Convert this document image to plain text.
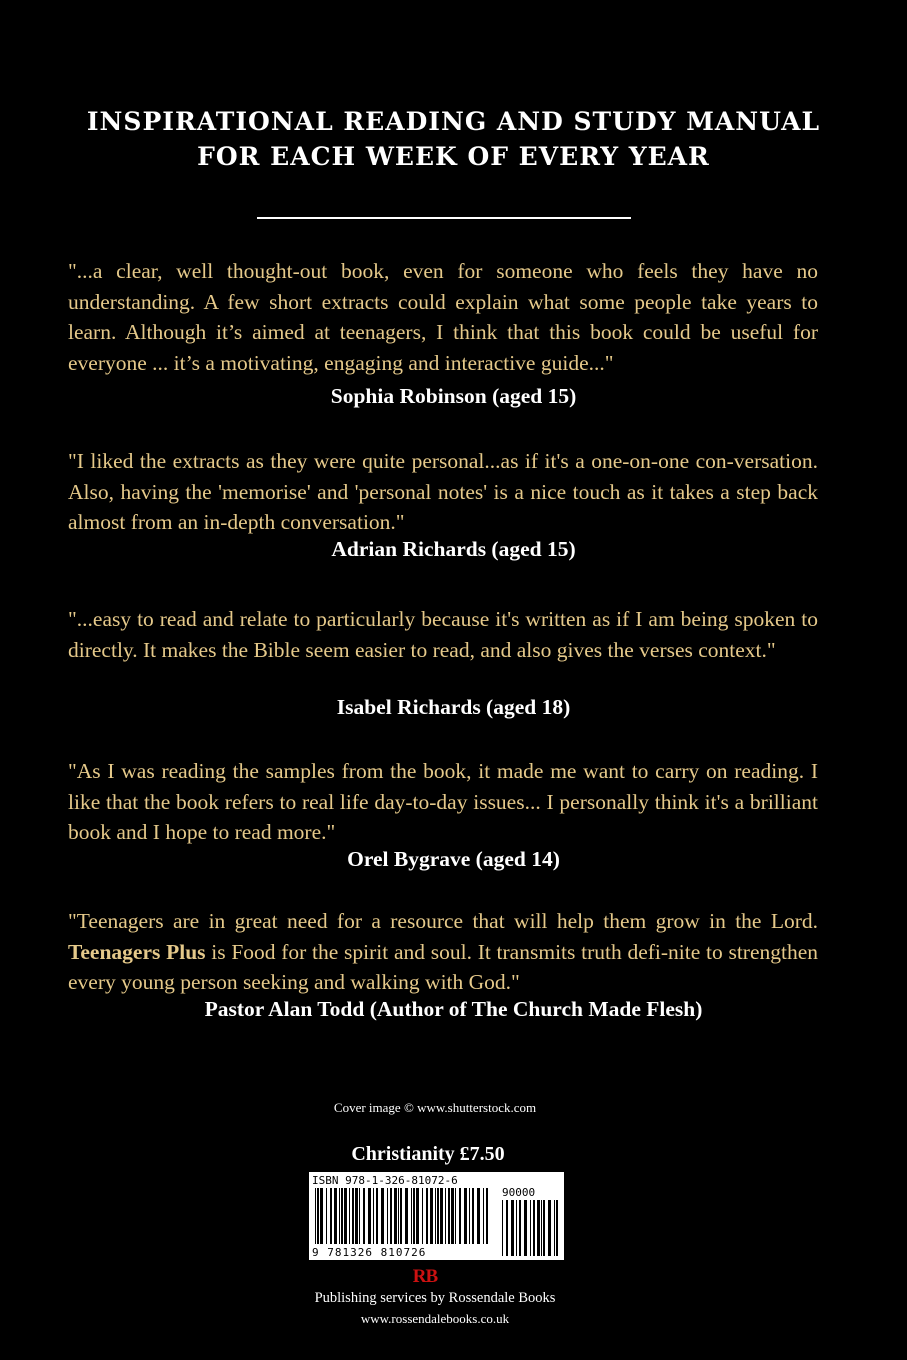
INSPIRATIONAL READING AND STUDY MANUAL
FOR EACH WEEK OF EVERY YEAR
"...a clear, well thought-out book, even for someone who feels they have no understanding. A few short extracts could explain what some people take years to learn. Although it’s aimed at teenagers, I think that this book could be useful for everyone ... it’s a motivating, engaging and interactive guide..."
Sophia Robinson (aged 15)
"I liked the extracts as they were quite personal...as if it's a one-on-one con-versation. Also, having the 'memorise' and 'personal notes' is a nice touch as it takes a step back almost from an in-depth conversation."
Adrian Richards (aged 15)
"...easy to read and relate to particularly because it's written as if I am being spoken to directly. It makes the Bible seem easier to read, and also gives the verses context."
Isabel Richards (aged 18)
"As I was reading the samples from the book, it made me want to carry on reading. I like that the book refers to real life day-to-day issues... I personally think it's a brilliant book and I hope to read more."
Orel Bygrave (aged 14)
"Teenagers are in great need for a resource that will help them grow in the Lord. Teenagers Plus is Food for the spirit and soul. It transmits truth defi-nite to strengthen every young person seeking and walking with God."
Pastor Alan Todd (Author of The Church Made Flesh)
Cover image © www.shutterstock.com
Christianity £7.50
ISBN 978-1-326-81072-6
90000
9 781326 810726
RB
Publishing services by Rossendale Books
www.rossendalebooks.co.uk
